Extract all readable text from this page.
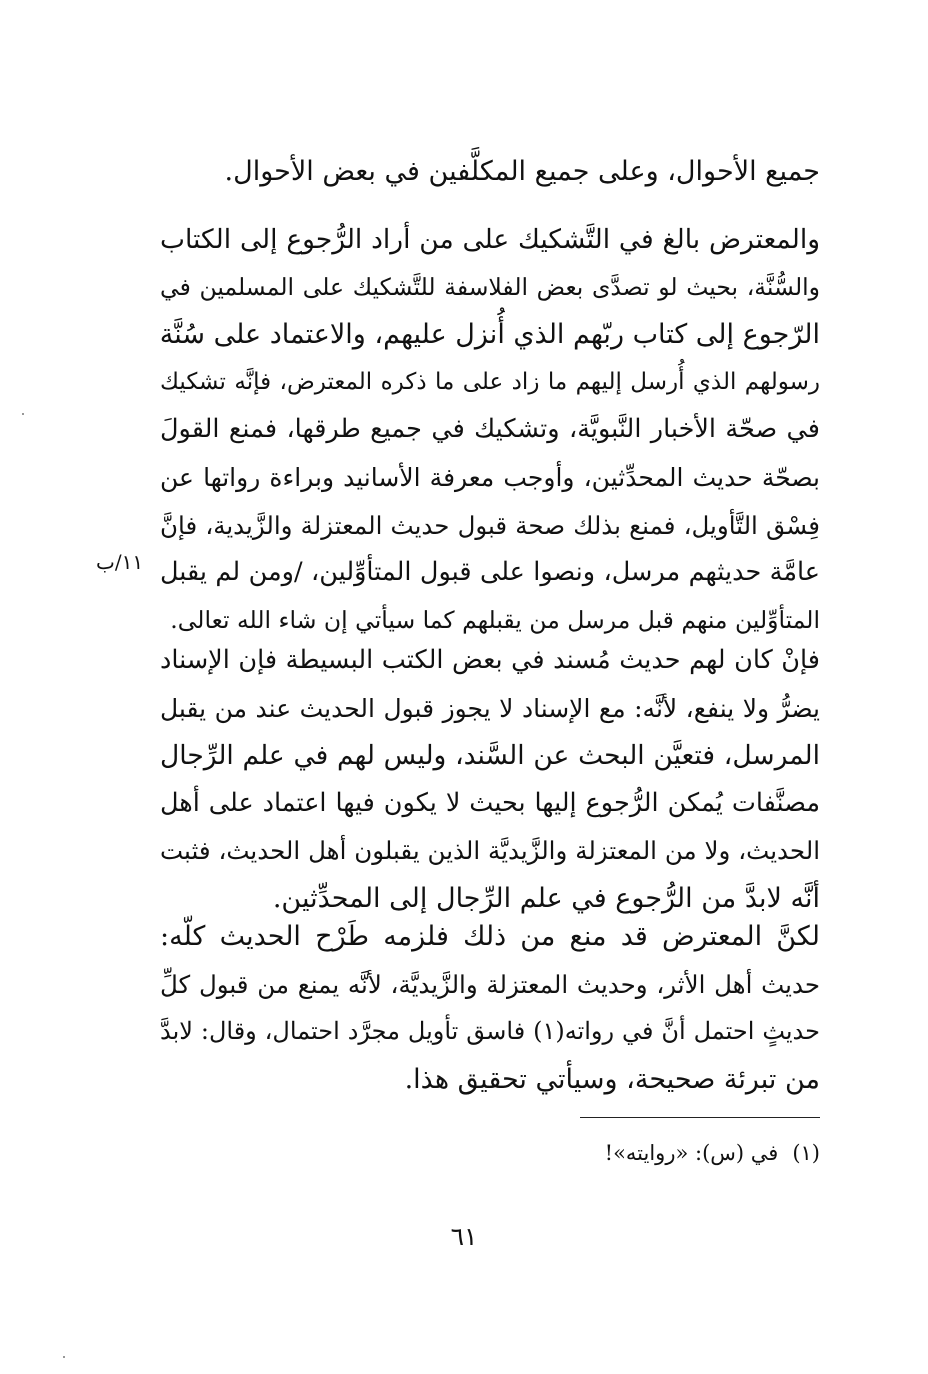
جميع الأحوال، وعلى جميع المكلَّفين في بعض الأحوال.
والمعترض بالغ في التَّشكيك على من أراد الرُّجوع إلى الكتاب
والسُّنَّة، بحيث لو تصدَّى بعض الفلاسفة للتَّشكيك على المسلمين في
الرّجوع إلى كتاب ربّهم الذي أُنزل عليهم، والاعتماد على سُنَّة
رسولهم الذي أُرسل إليهم ما زاد على ما ذكره المعترض، فإنَّه تشكيك
في صحّة الأخبار النَّبويَّة، وتشكيك في جميع طرقها، فمنع القولَ
بصحّة حديث المحدِّثين، وأوجب معرفة الأسانيد وبراءة رواتها عن
فِسْق التَّأويل، فمنع بذلك صحة قبول حديث المعتزلة والزَّيدية، فإنَّ
عامَّة حديثهم مرسل، ونصوا على قبول المتأوِّلين، /ومن لم يقبل
المتأوِّلين منهم قبل مرسل من يقبلهم كما سيأتي إن شاء الله تعالى.
١١/ب
فإنْ كان لهم حديث مُسند في بعض الكتب البسيطة فإن الإسناد
يضرُّ ولا ينفع، لأنَّه: مع الإسناد لا يجوز قبول الحديث عند من يقبل
المرسل، فتعيَّن البحث عن السَّند، وليس لهم في علم الرِّجال
مصنَّفات يُمكن الرُّجوع إليها بحيث لا يكون فيها اعتماد على أهل
الحديث، ولا من المعتزلة والزَّيديَّة الذين يقبلون أهل الحديث، فثبت
أنَّه لابدَّ من الرُّجوع في علم الرِّجال إلى المحدِّثين.
لكنَّ المعترض قد منع من ذلك فلزمه طَرْح الحديث كلّه:
حديث أهل الأثر، وحديث المعتزلة والزَّيديَّة، لأنَّه يمنع من قبول كلِّ
حديثٍ احتمل أنَّ في رواته(١) فاسق تأويل مجرَّد احتمال، وقال: لابدَّ
من تبرئة صحيحة، وسيأتي تحقيق هذا.
(١)في (س): «روايته»!
٦١
